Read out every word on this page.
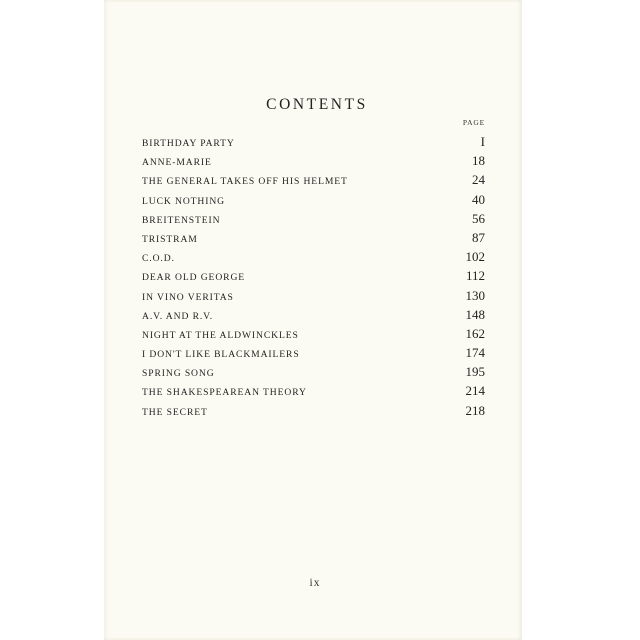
CONTENTS
PAGE
BIRTHDAY PARTY	I
ANNE-MARIE	18
THE GENERAL TAKES OFF HIS HELMET	24
LUCK NOTHING	40
BREITENSTEIN	56
TRISTRAM	87
C.O.D.	102
DEAR OLD GEORGE	112
IN VINO VERITAS	130
A.V. AND R.V.	148
NIGHT AT THE ALDWINCKLES	162
I DON'T LIKE BLACKMAILERS	174
SPRING SONG	195
THE SHAKESPEAREAN THEORY	214
THE SECRET	218
ix
